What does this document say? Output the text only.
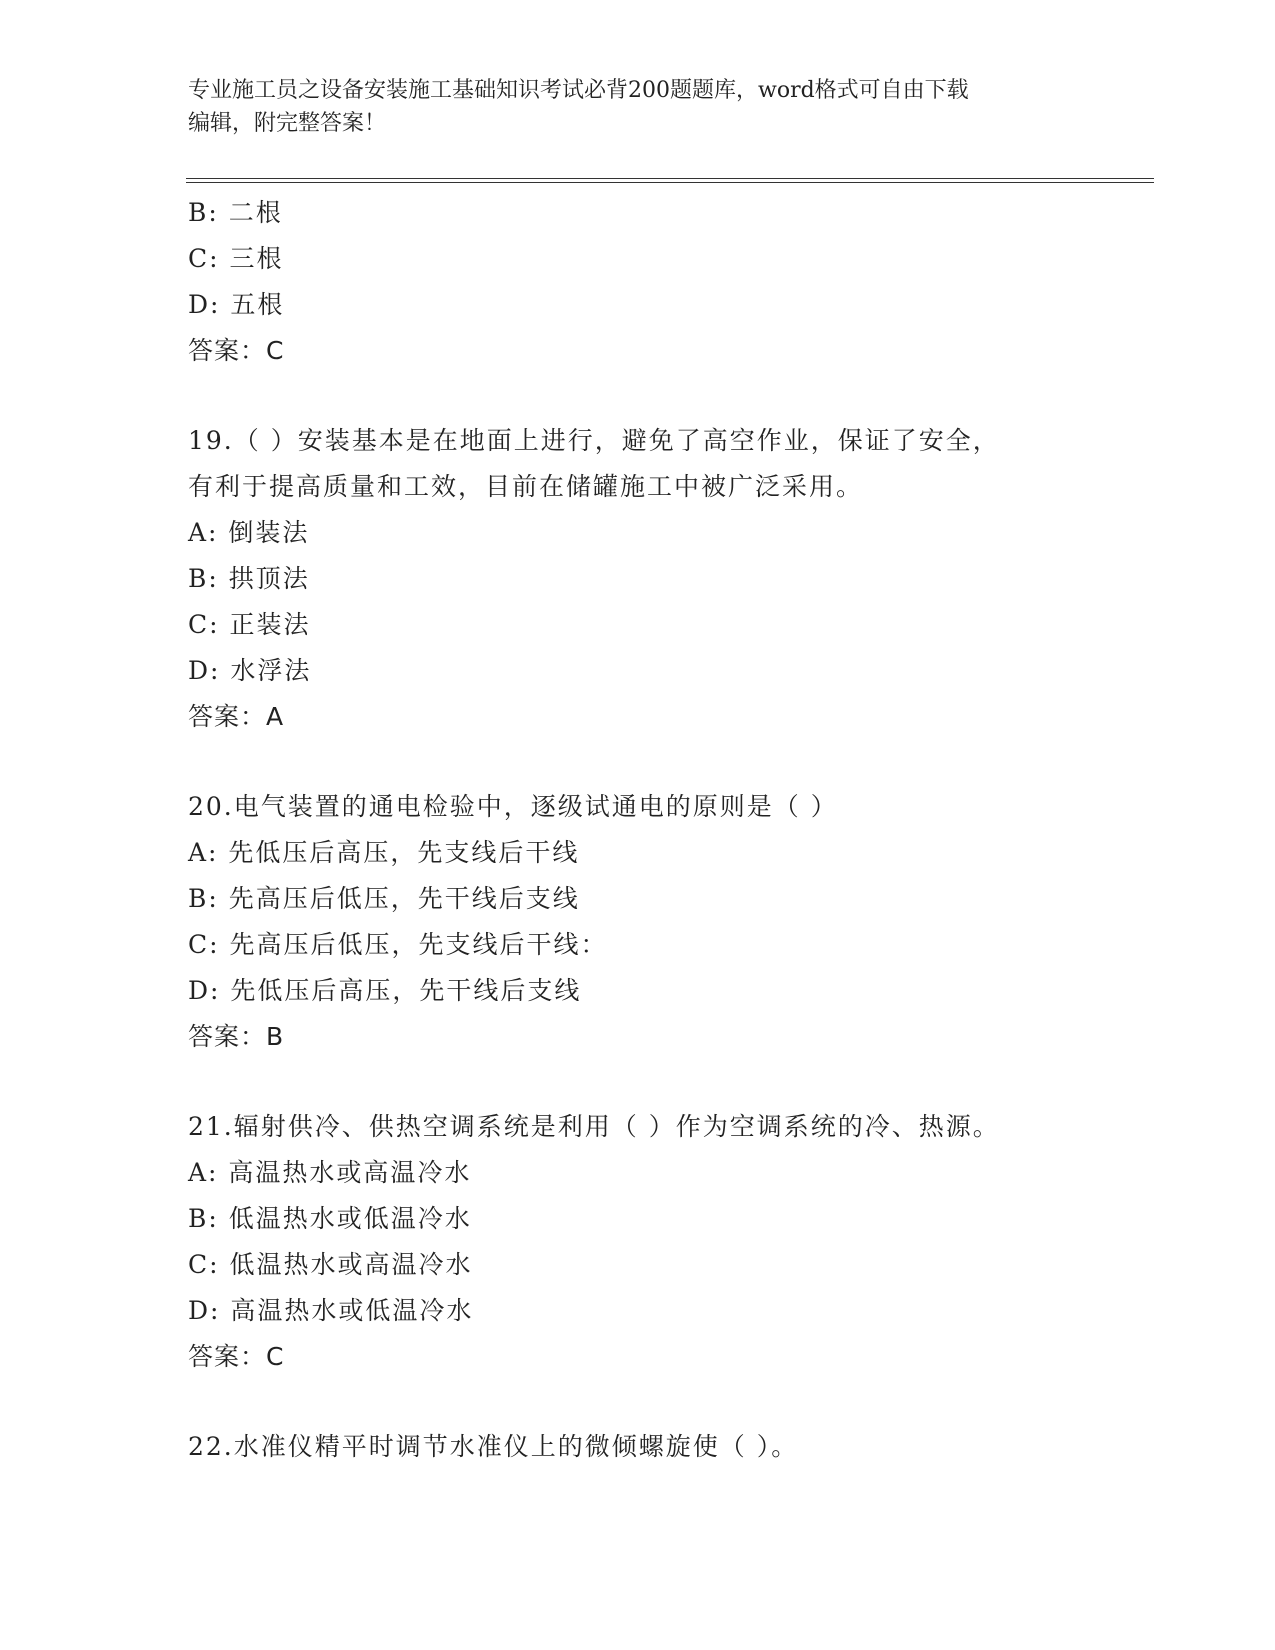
专业施工员之设备安装施工基础知识考试必背200题题库，word格式可自由下载
编辑，附完整答案！
B: 二根
C: 三根
D: 五根
答案：C
19.（ ）安装基本是在地面上进行，避免了高空作业，保证了安全，
有利于提高质量和工效，目前在储罐施工中被广泛采用。
A: 倒装法
B: 拱顶法
C: 正装法
D: 水浮法
答案：A
20.电气装置的通电检验中，逐级试通电的原则是（ ）
A: 先低压后高压，先支线后干线
B: 先高压后低压，先干线后支线
C: 先高压后低压，先支线后干线：
D: 先低压后高压，先干线后支线
答案：B
21.辐射供冷、供热空调系统是利用（ ）作为空调系统的冷、热源。
A: 高温热水或高温冷水
B: 低温热水或低温冷水
C: 低温热水或高温冷水
D: 高温热水或低温冷水
答案：C
22.水准仪精平时调节水准仪上的微倾螺旋使（ ）。
